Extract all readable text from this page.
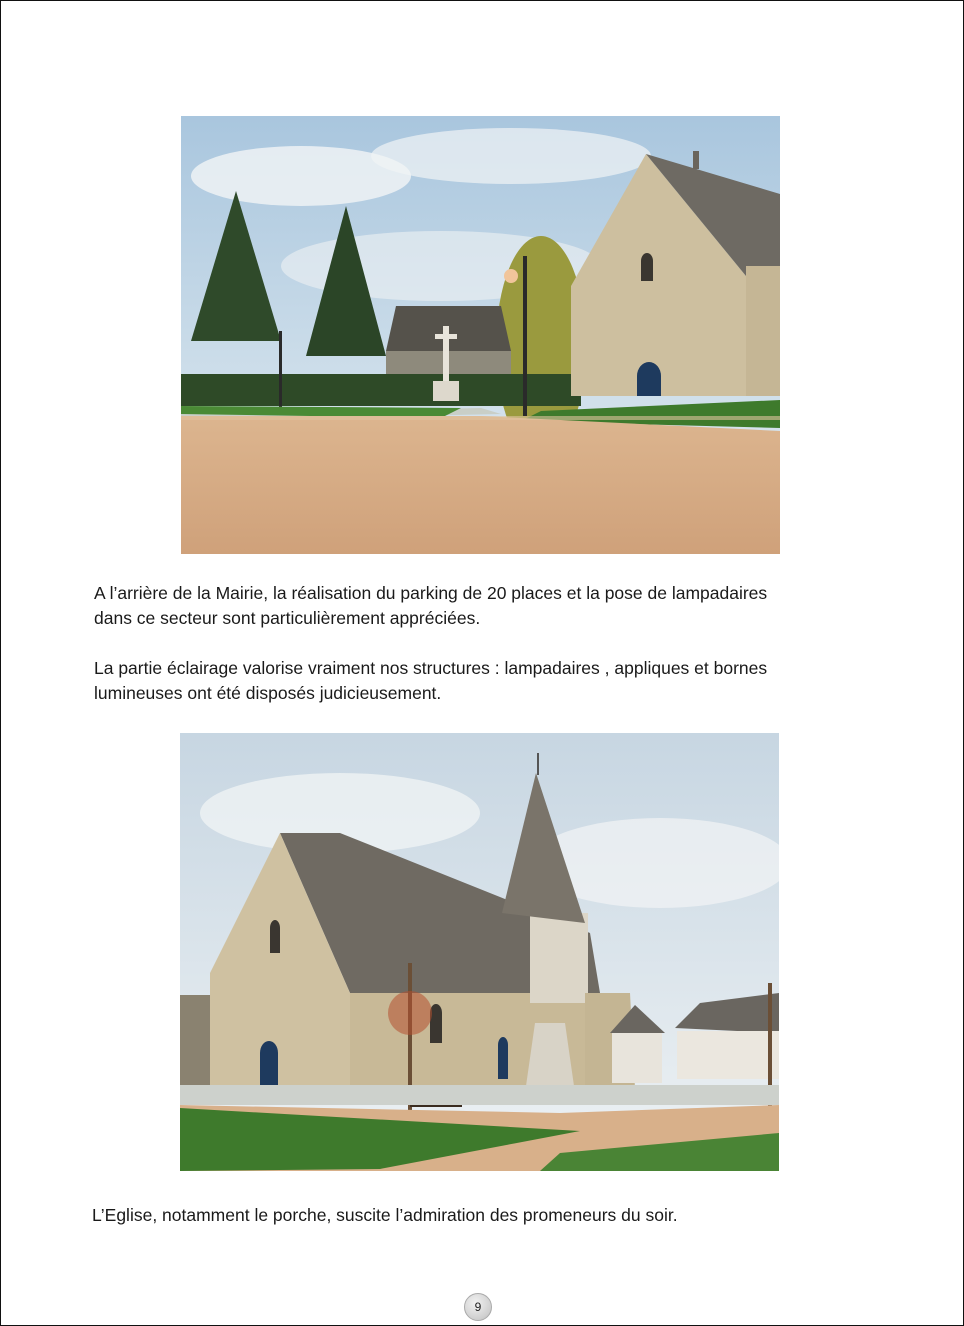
A l’arrière de la Mairie, la réalisation du parking de 20 places et la pose de lampadaires
dans ce secteur sont particulièrement appréciées.

La partie éclairage valorise vraiment nos structures : lampadaires , appliques et bornes
lumineuses ont été disposés judicieusement.

L’Eglise, notamment le porche, suscite l’admiration des promeneurs du soir.

9
